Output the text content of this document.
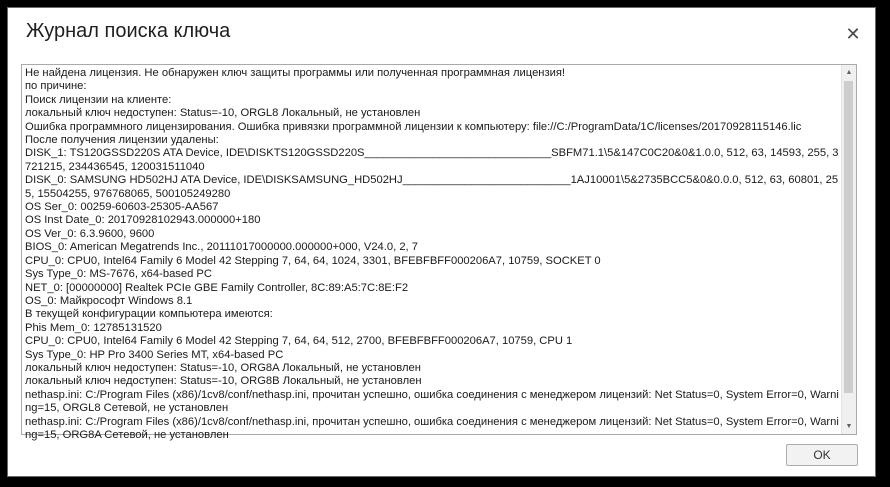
Журнал поиска ключа	✕
Не найдена лицензия. Не обнаружен ключ защиты программы или полученная программная лицензия!
по причине:
Поиск лицензии на клиенте:
локальный ключ недоступен: Status=-10, ORGL8 Локальный, не установлен
Ошибка программного лицензирования. Ошибка привязки программной лицензии к компьютеру: file://C:/ProgramData/1C/licenses/20170928115146.lic
После получения лицензии удалены:
DISK_1: TS120GSSD220S ATA Device, IDE\DISKTS120GSSD220S______________________________SBFM71.1\5&147C0C20&0&1.0.0, 512, 63, 14593, 255, 3721215, 234436545, 120031511040
DISK_0: SAMSUNG HD502HJ ATA Device, IDE\DISKSAMSUNG_HD502HJ___________________________1AJ10001\5&2735BCC5&0&0.0.0, 512, 63, 60801, 255, 15504255, 976768065, 500105249280
OS Ser_0: 00259-60603-25305-AA567
OS Inst Date_0: 20170928102943.000000+180
OS Ver_0: 6.3.9600, 9600
BIOS_0: American Megatrends Inc., 20111017000000.000000+000, V24.0, 2, 7
CPU_0: CPU0, Intel64 Family 6 Model 42 Stepping 7, 64, 64, 1024, 3301, BFEBFBFF000206A7, 10759, SOCKET 0
Sys Type_0: MS-7676, x64-based PC
NET_0: [00000000] Realtek PCIe GBE Family Controller, 8C:89:A5:7C:8E:F2
OS_0: Майкрософт Windows 8.1
В текущей конфигурации компьютера имеются:
Phis Mem_0: 12785131520
CPU_0: CPU0, Intel64 Family 6 Model 42 Stepping 7, 64, 64, 512, 2700, BFEBFBFF000206A7, 10759, CPU 1
Sys Type_0: HP Pro 3400 Series MT, x64-based PC
локальный ключ недоступен: Status=-10, ORG8A Локальный, не установлен
локальный ключ недоступен: Status=-10, ORG8B Локальный, не установлен
nethasp.ini: C:/Program Files (x86)/1cv8/conf/nethasp.ini, прочитан успешно, ошибка соединения с менеджером лицензий: Net Status=0, System Error=0, Warning=15, ORGL8 Сетевой, не установлен
nethasp.ini: C:/Program Files (x86)/1cv8/conf/nethasp.ini, прочитан успешно, ошибка соединения с менеджером лицензий: Net Status=0, System Error=0, Warning=15, ORG8A Сетевой, не установлен
▲
▼
OK
